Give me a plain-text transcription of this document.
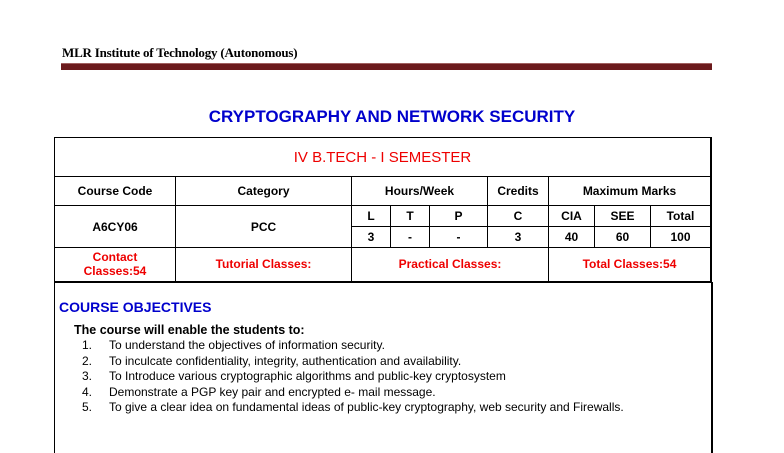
MLR Institute of Technology (Autonomous)
CRYPTOGRAPHY AND NETWORK SECURITY
IV B.TECH - I SEMESTER								
Course Code	Category	Hours/Week			Credits	Maximum Marks		
A6CY06	PCC	L	T	P	C	CIA	SEE	Total
		3	-	-	3	40	60	100
Contact Classes:54	Tutorial Classes:	Practical Classes:				Total Classes:54		
COURSE OBJECTIVES
The course will enable the students to:
1.	To understand the objectives of information security.
2.	To inculcate confidentiality, integrity, authentication and availability.
3.	To Introduce various cryptographic algorithms and public-key cryptosystem
4.	Demonstrate a PGP key pair and encrypted e- mail message.
5.	To give a clear idea on fundamental ideas of public-key cryptography, web security and Firewalls.
